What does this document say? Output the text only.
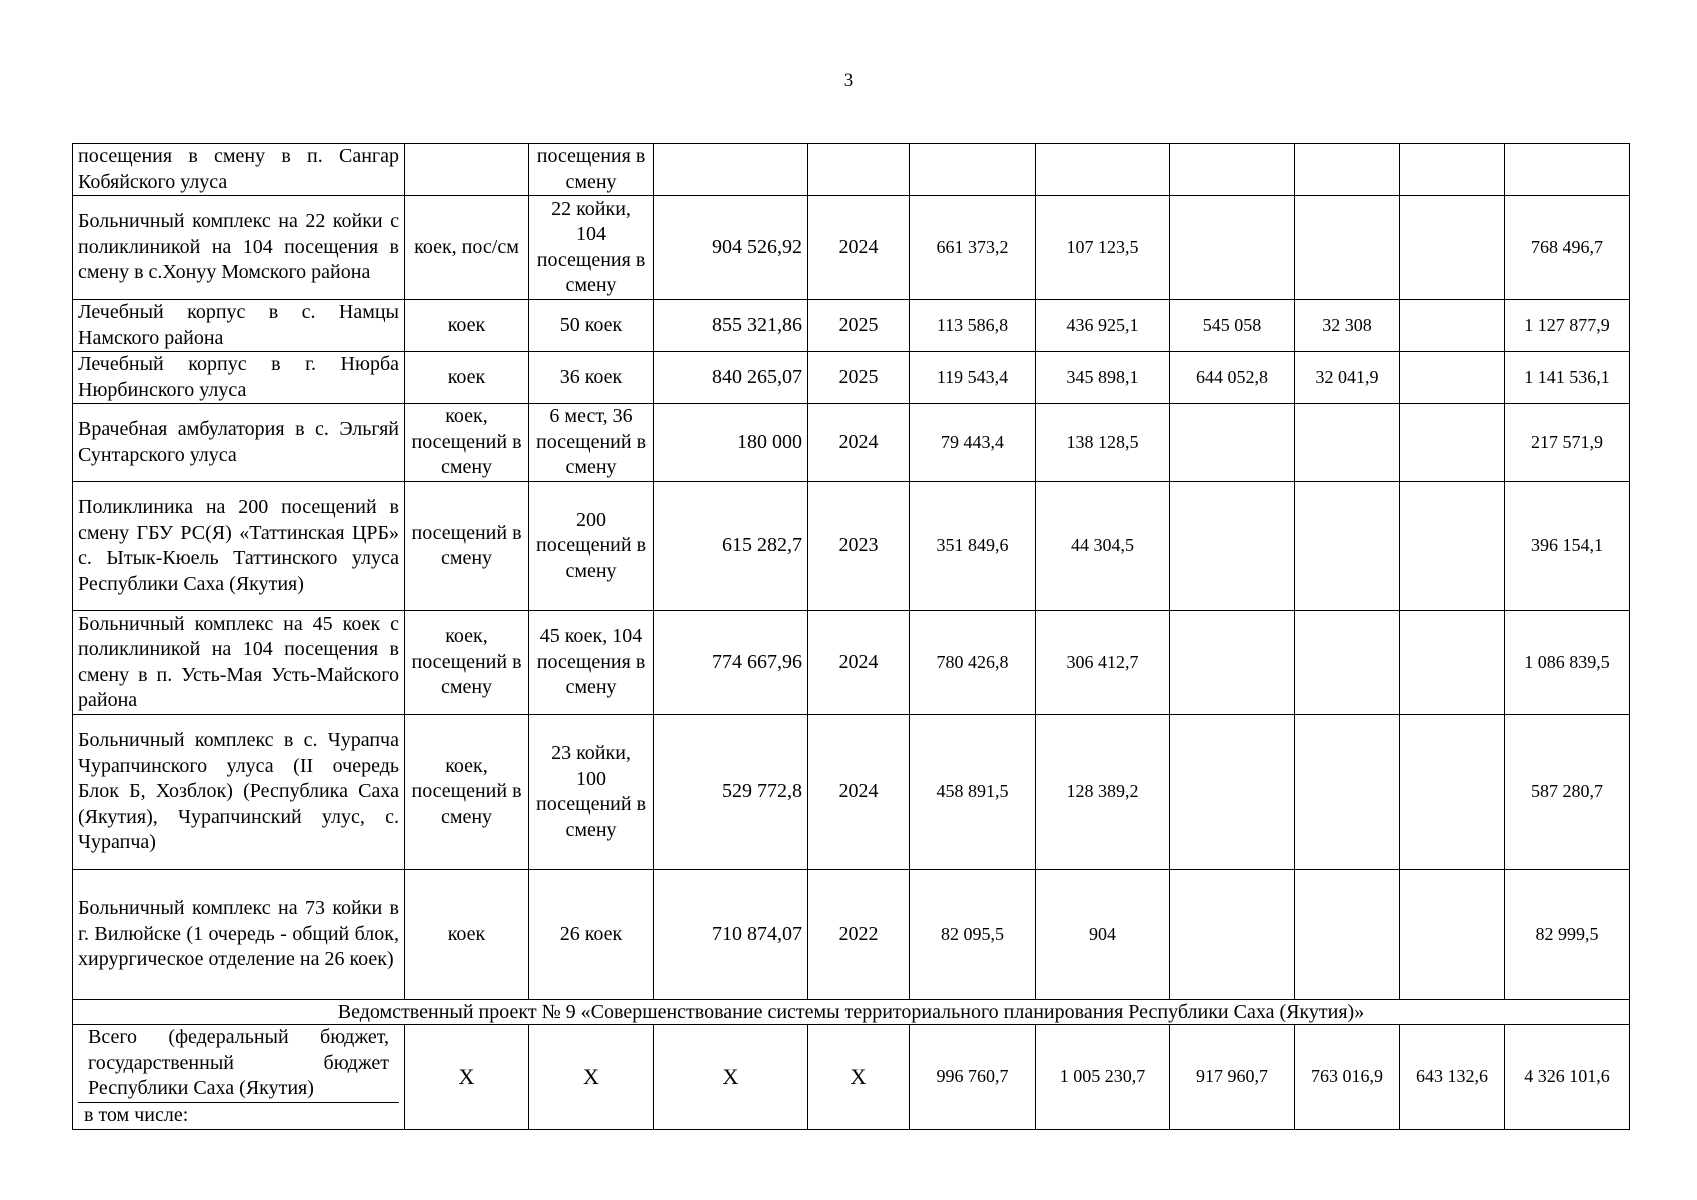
3
посещения в смену в п. Сангар Кобяйского улуса		посещения в смену								
Больничный комплекс на 22 койки с поликлиникой на 104 посещения в смену в с.Хонуу Момского района	коек, пос/см	22 койки, 104 посещения в смену	904 526,92	2024	661 373,2	107 123,5				768 496,7
Лечебный корпус в с. Намцы Намского района	коек	50 коек	855 321,86	2025	113 586,8	436 925,1	545 058	32 308		1 127 877,9
Лечебный корпус в г. Нюрба Нюрбинского улуса	коек	36 коек	840 265,07	2025	119 543,4	345 898,1	644 052,8	32 041,9		1 141 536,1
Врачебная амбулатория в с. Эльгяй Сунтарского улуса	коек, посещений в смену	6 мест, 36 посещений в смену	180 000	2024	79 443,4	138 128,5				217 571,9
Поликлиника на 200 посещений в смену ГБУ РС(Я) «Таттинская ЦРБ» с. Ытык-Кюель Таттинского улуса Республики Саха (Якутия)	посещений в смену	200 посещений в смену	615 282,7	2023	351 849,6	44 304,5				396 154,1
Больничный комплекс на 45 коек с поликлиникой на 104 посещения в смену в п. Усть-Мая Усть-Майского района	коек, посещений в смену	45 коек, 104 посещения в смену	774 667,96	2024	780 426,8	306 412,7				1 086 839,5
Больничный комплекс в с. Чурапча Чурапчинского улуса (II очередь Блок Б, Хозблок) (Республика Саха (Якутия), Чурапчинский улус, с. Чурапча)	коек, посещений в смену	23 койки, 100 посещений в смену	529 772,8	2024	458 891,5	128 389,2				587 280,7
Больничный комплекс на 73 койки в г. Вилюйске (1 очередь - общий блок, хирургическое отделение на 26 коек)	коек	26 коек	710 874,07	2022	82 095,5	904				82 999,5
Ведомственный проект № 9 «Совершенствование системы территориального планирования Республики Саха (Якутия)»										

Всего (федеральный бюджет, государственный бюджет Республики Саха (Якутия)
в том числе:	X	X	X	X	996 760,7	1 005 230,7	917 960,7	763 016,9	643 132,6	4 326 101,6
